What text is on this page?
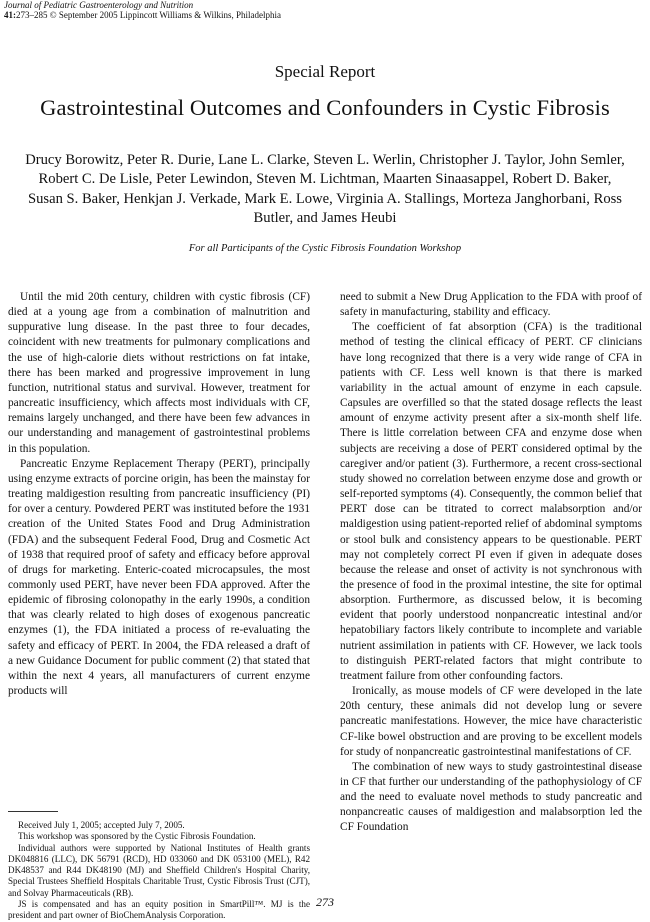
Journal of Pediatric Gastroenterology and Nutrition
41:273–285 © September 2005 Lippincott Williams & Wilkins, Philadelphia
Special Report
Gastrointestinal Outcomes and Confounders in Cystic Fibrosis
Drucy Borowitz, Peter R. Durie, Lane L. Clarke, Steven L. Werlin, Christopher J. Taylor, John Semler, Robert C. De Lisle, Peter Lewindon, Steven M. Lichtman, Maarten Sinaasappel, Robert D. Baker, Susan S. Baker, Henkjan J. Verkade, Mark E. Lowe, Virginia A. Stallings, Morteza Janghorbani, Ross Butler, and James Heubi
For all Participants of the Cystic Fibrosis Foundation Workshop

Until the mid 20th century, children with cystic fibrosis (CF) died at a young age from a combination of malnutrition and suppurative lung disease. In the past three to four decades, coincident with new treatments for pulmonary complications and the use of high-calorie diets without restrictions on fat intake, there has been marked and progressive improvement in lung function, nutritional status and survival. However, treatment for pancreatic insufficiency, which affects most individuals with CF, remains largely unchanged, and there have been few advances in our understanding and management of gastrointestinal problems in this population.

Pancreatic Enzyme Replacement Therapy (PERT), principally using enzyme extracts of porcine origin, has been the mainstay for treating maldigestion resulting from pancreatic insufficiency (PI) for over a century. Powdered PERT was instituted before the 1931 creation of the United States Food and Drug Administration (FDA) and the subsequent Federal Food, Drug and Cosmetic Act of 1938 that required proof of safety and efficacy before approval of drugs for marketing. Enteric-coated microcapsules, the most commonly used PERT, have never been FDA approved. After the epidemic of fibrosing colonopathy in the early 1990s, a condition that was clearly related to high doses of exogenous pancreatic enzymes (1), the FDA initiated a process of re-evaluating the safety and efficacy of PERT. In 2004, the FDA released a draft of a new Guidance Document for public comment (2) that stated that within the next 4 years, all manufacturers of current enzyme products will

need to submit a New Drug Application to the FDA with proof of safety in manufacturing, stability and efficacy.

The coefficient of fat absorption (CFA) is the traditional method of testing the clinical efficacy of PERT. CF clinicians have long recognized that there is a very wide range of CFA in patients with CF. Less well known is that there is marked variability in the actual amount of enzyme in each capsule. Capsules are overfilled so that the stated dosage reflects the least amount of enzyme activity present after a six-month shelf life. There is little correlation between CFA and enzyme dose when subjects are receiving a dose of PERT considered optimal by the caregiver and/or patient (3). Furthermore, a recent cross-sectional study showed no correlation between enzyme dose and growth or self-reported symptoms (4). Consequently, the common belief that PERT dose can be titrated to correct malabsorption and/or maldigestion using patient-reported relief of abdominal symptoms or stool bulk and consistency appears to be questionable. PERT may not completely correct PI even if given in adequate doses because the release and onset of activity is not synchronous with the presence of food in the proximal intestine, the site for optimal absorption. Furthermore, as discussed below, it is becoming evident that poorly understood nonpancreatic intestinal and/or hepatobiliary factors likely contribute to incomplete and variable nutrient assimilation in patients with CF. However, we lack tools to distinguish PERT-related factors that might contribute to treatment failure from other confounding factors.

Ironically, as mouse models of CF were developed in the late 20th century, these animals did not develop lung or severe pancreatic manifestations. However, the mice have characteristic CF-like bowel obstruction and are proving to be excellent models for study of nonpancreatic gastrointestinal manifestations of CF.

The combination of new ways to study gastrointestinal disease in CF that further our understanding of the pathophysiology of CF and the need to evaluate novel methods to study pancreatic and nonpancreatic causes of maldigestion and malabsorption led the CF Foundation

Received July 1, 2005; accepted July 7, 2005.

This workshop was sponsored by the Cystic Fibrosis Foundation.

Individual authors were supported by National Institutes of Health grants DK048816 (LLC), DK 56791 (RCD), HD 033060 and DK 053100 (MEL), R42 DK48537 and R44 DK48190 (MJ) and Sheffield Children's Hospital Charity, Special Trustees Sheffield Hospitals Charitable Trust, Cystic Fibrosis Trust (CJT), and Solvay Pharmaceuticals (RB).

JS is compensated and has an equity position in SmartPill™. MJ is the president and part owner of BioChemAnalysis Corporation.

273
